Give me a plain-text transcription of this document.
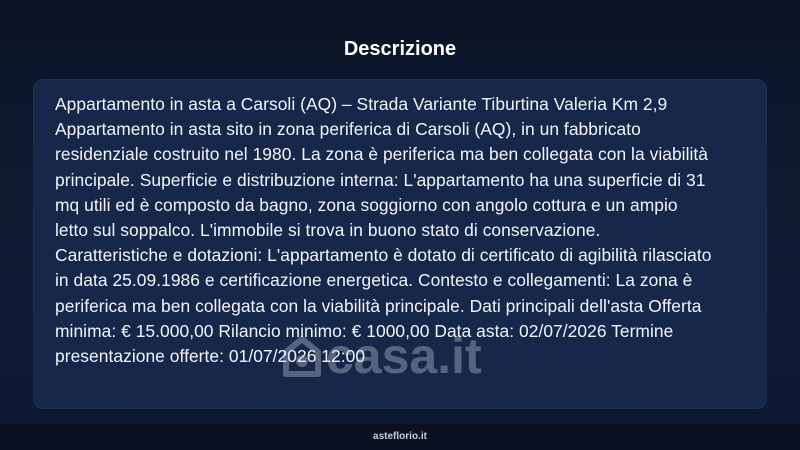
Descrizione
Appartamento in asta a Carsoli (AQ) – Strada Variante Tiburtina Valeria Km 2,9
Appartamento in asta sito in zona periferica di Carsoli (AQ), in un fabbricato
residenziale costruito nel 1980. La zona è periferica ma ben collegata con la viabilità
principale. Superficie e distribuzione interna: L'appartamento ha una superficie di 31
mq utili ed è composto da bagno, zona soggiorno con angolo cottura e un ampio
letto sul soppalco. L'immobile si trova in buono stato di conservazione.
Caratteristiche e dotazioni: L'appartamento è dotato di certificato di agibilità rilasciato
in data 25.09.1986 e certificazione energetica. Contesto e collegamenti: La zona è
periferica ma ben collegata con la viabilità principale. Dati principali dell'asta Offerta
minima: € 15.000,00 Rilancio minimo: € 1000,00 Data asta: 02/07/2026 Termine
presentazione offerte: 01/07/2026 12:00
casa.it
asteflorio.it
